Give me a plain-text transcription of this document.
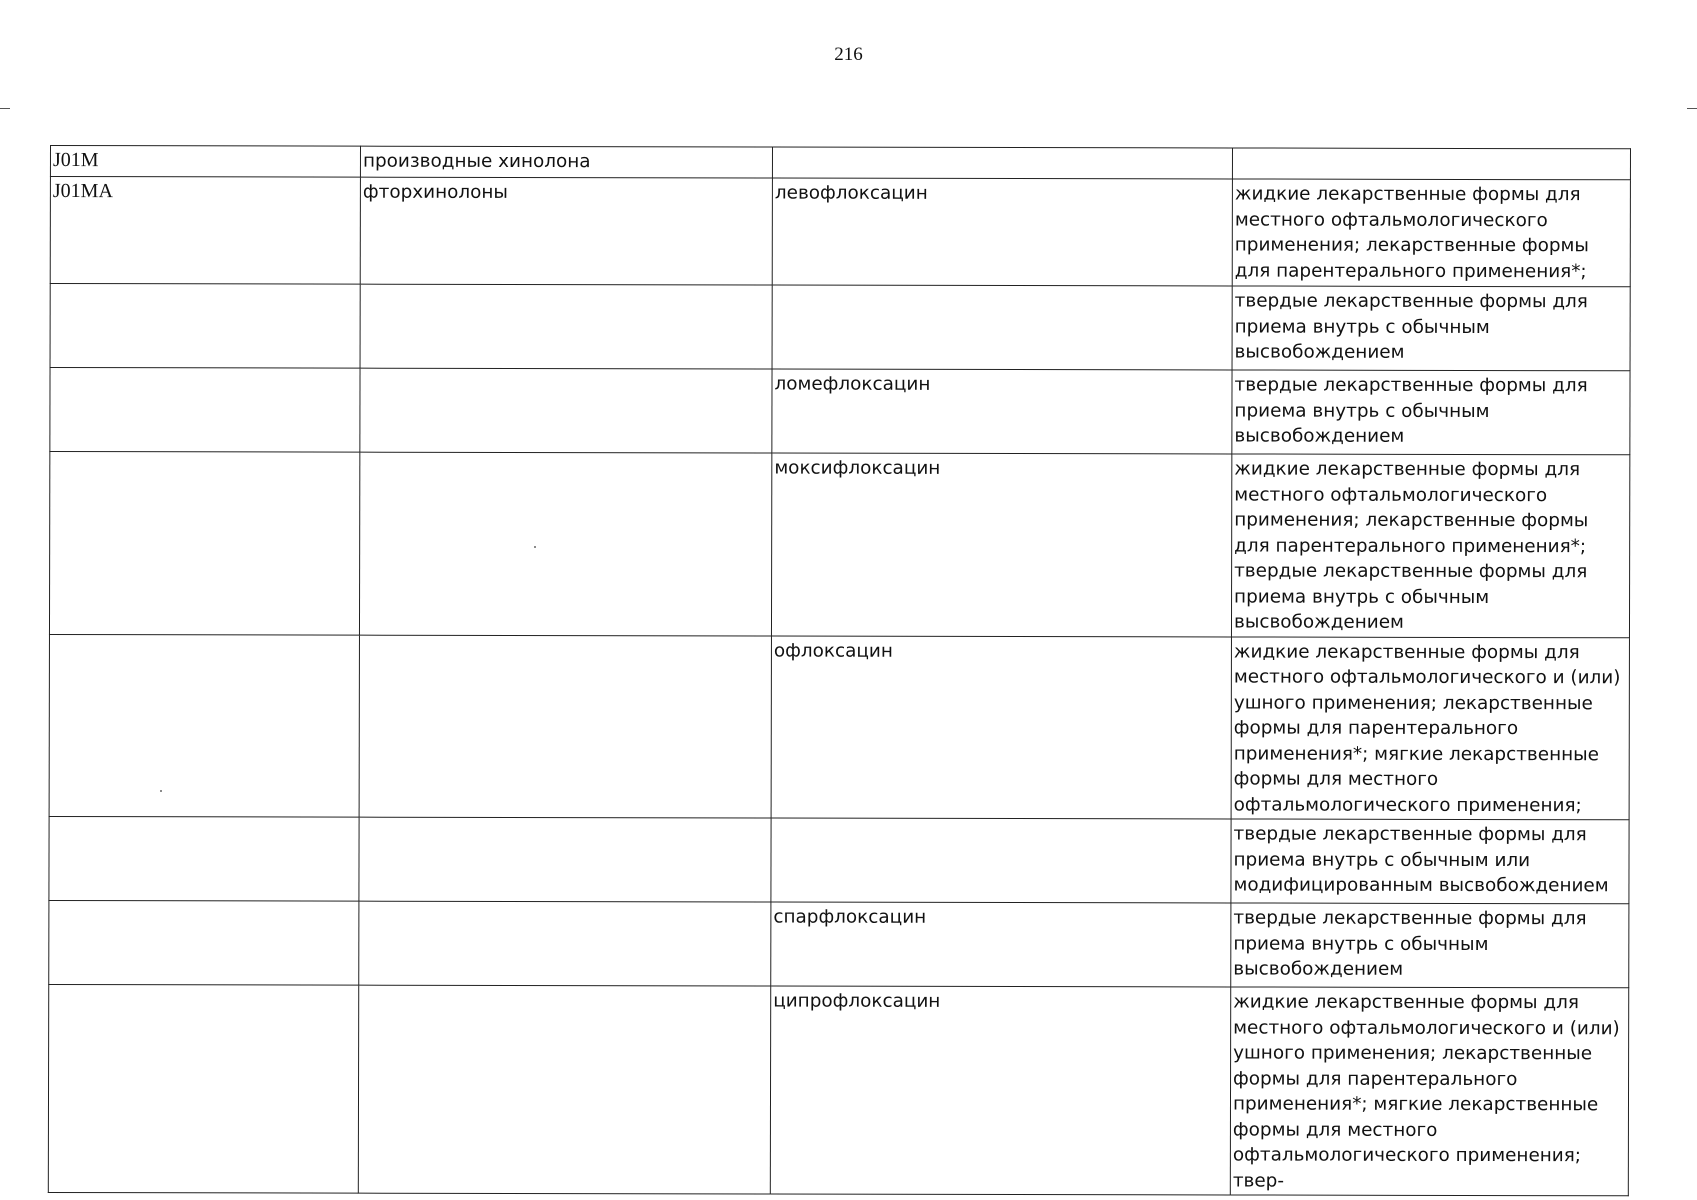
216
J01M	производные хинолона		
J01MA	фторхинолоны	левофлоксацин	жидкие лекарственные формы для местного офтальмологического применения; лекарственные формы для парентерального применения*;
			твердые лекарственные формы для приема внутрь с обычным высвобождением
		ломефлоксацин	твердые лекарственные формы для приема внутрь с обычным высвобождением
		моксифлоксацин	жидкие лекарственные формы для местного офтальмологического применения; лекарственные формы для парентерального применения*; твердые лекарственные формы для приема внутрь с обычным высвобождением
		офлоксацин	жидкие лекарственные формы для местного офтальмологического и (или) ушного применения; лекарственные формы для парентерального применения*; мягкие лекарственные формы для местного офтальмологического применения;
			твердые лекарственные формы для приема внутрь с обычным или модифицированным высвобождением
		спарфлоксацин	твердые лекарственные формы для приема внутрь с обычным высвобождением
		ципрофлоксацин	жидкие лекарственные формы для местного офтальмологического и (или) ушного применения; лекарственные формы для парентерального применения*; мягкие лекарственные формы для местного офтальмологического применения; твер-
